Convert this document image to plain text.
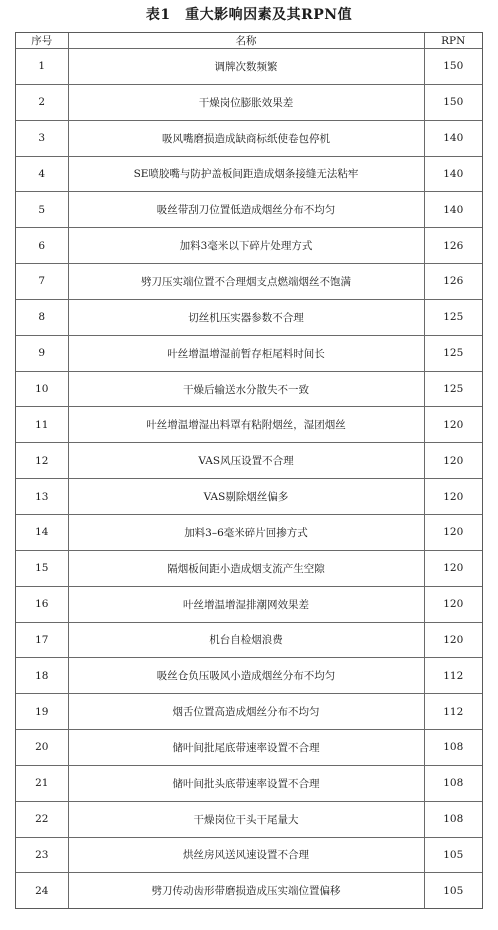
表1　重大影响因素及其RPN值
序号	名称	RPN
1	调牌次数频繁	150
2	干燥岗位膨胀效果差	150
3	吸风嘴磨损造成缺商标纸使卷包停机	140
4	SE喷胶嘴与防护盖板间距造成烟条接缝无法粘牢	140
5	吸丝带刮刀位置低造成烟丝分布不均匀	140
6	加料3毫米以下碎片处理方式	126
7	劈刀压实端位置不合理烟支点燃端烟丝不饱满	126
8	切丝机压实器参数不合理	125
9	叶丝增温增湿前暂存柜尾料时间长	125
10	干燥后输送水分散失不一致	125
11	叶丝增温增湿出料罩有粘附烟丝，湿团烟丝	120
12	VAS风压设置不合理	120
13	VAS剔除烟丝偏多	120
14	加料3–6毫米碎片回掺方式	120
15	隔烟板间距小造成烟支流产生空隙	120
16	叶丝增温增湿排潮网效果差	120
17	机台自检烟浪费	120
18	吸丝仓负压吸风小造成烟丝分布不均匀	112
19	烟舌位置高造成烟丝分布不均匀	112
20	储叶间批尾底带速率设置不合理	108
21	储叶间批头底带速率设置不合理	108
22	干燥岗位干头干尾量大	108
23	烘丝房风送风速设置不合理	105
24	劈刀传动齿形带磨损造成压实端位置偏移	105
